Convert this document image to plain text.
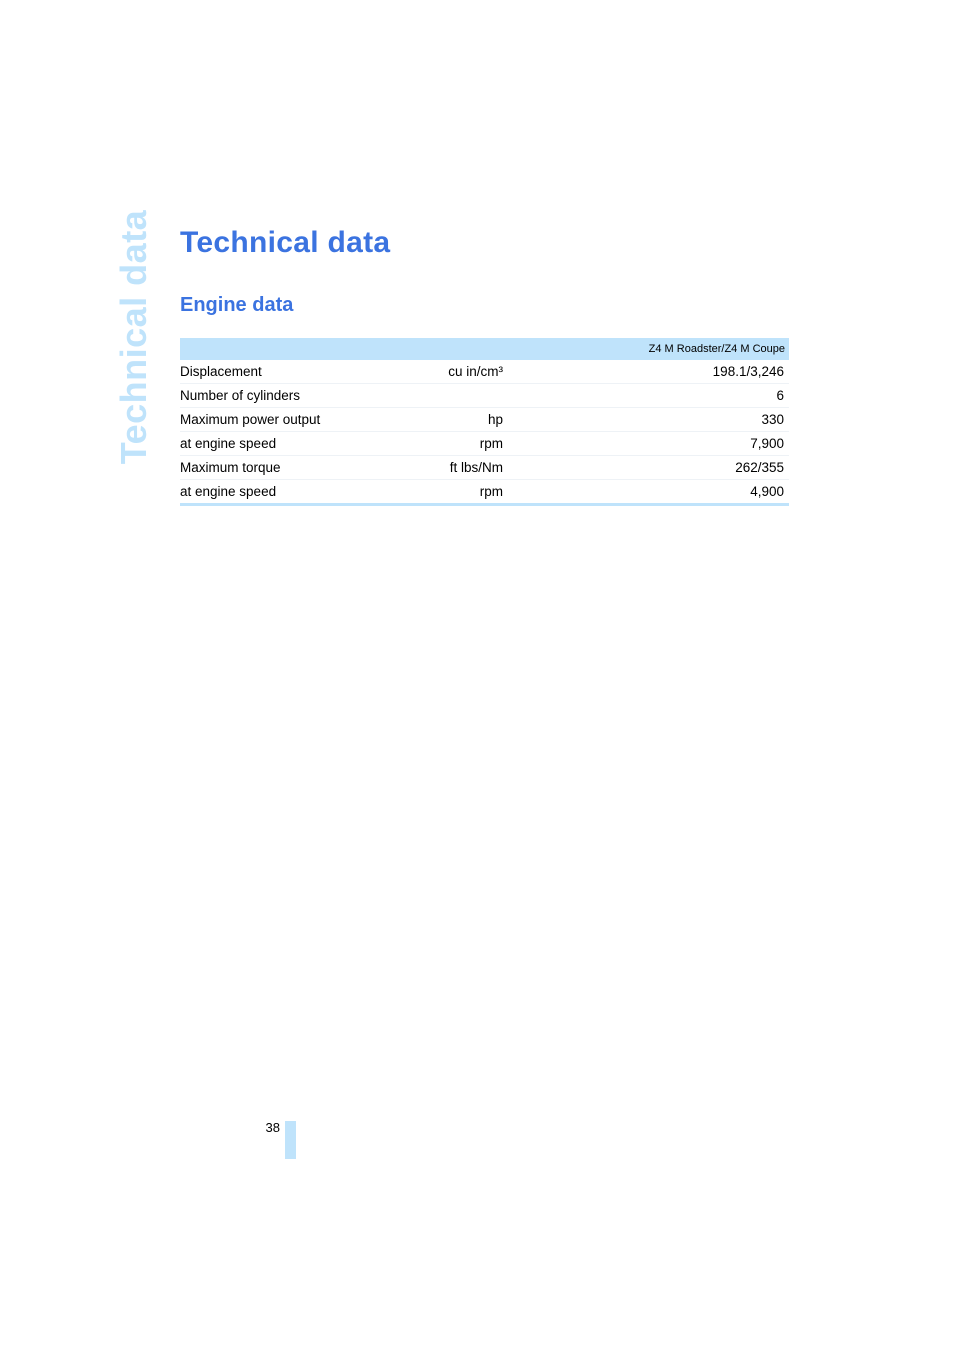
Technical data Technical data
Engine data
Z4 M Roadster/Z4 M Coupe		
Displacement	cu in/cm³	198.1/3,246
Number of cylinders		6
Maximum power output	hp	330
at engine speed	rpm	7,900
Maximum torque	ft lbs/Nm	262/355
at engine speed	rpm	4,900
38
